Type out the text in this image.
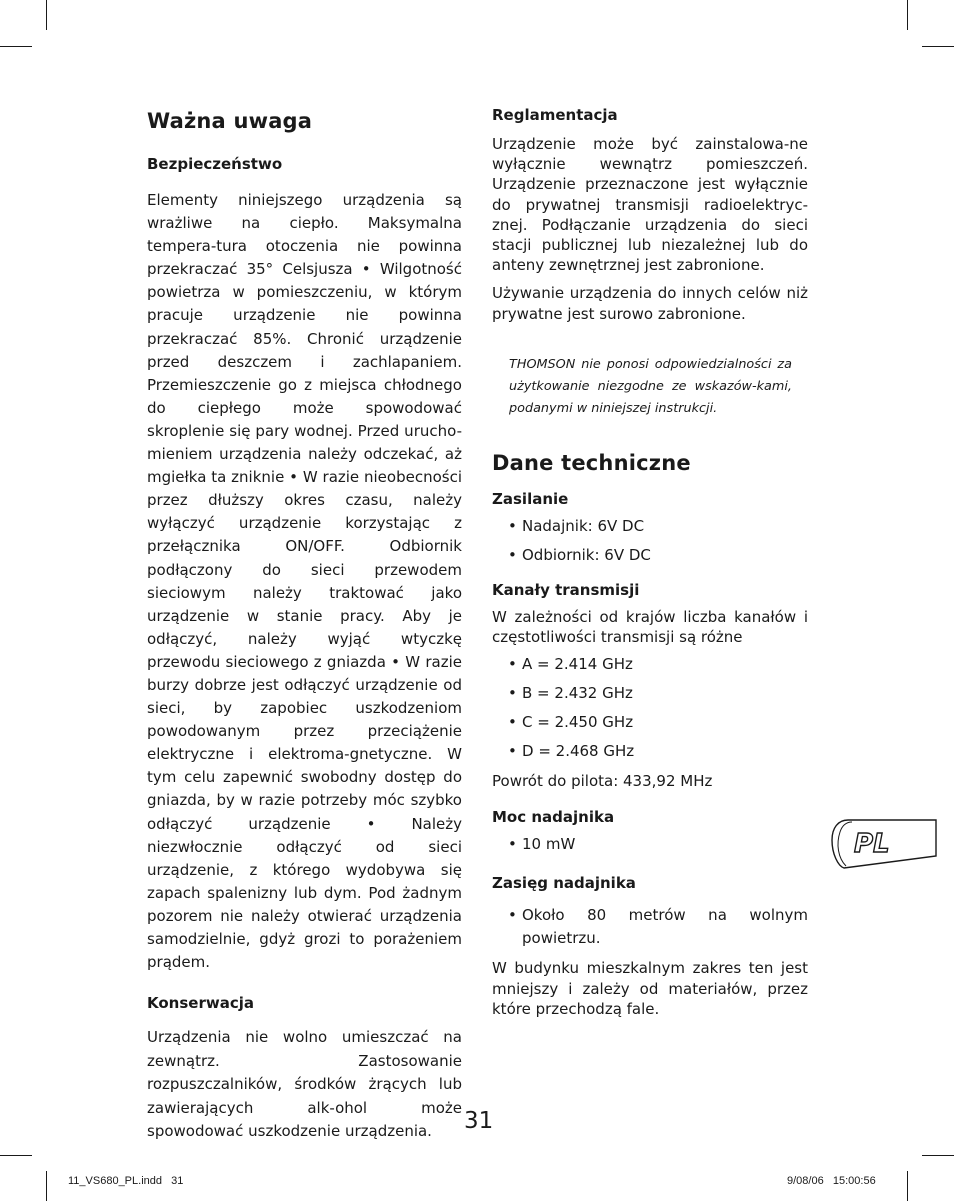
Ważna uwaga
Bezpieczeństwo

Elementy niniejszego urządzenia są wrażliwe na ciepło. Maksymalna tempera-tura otoczenia nie powinna przekraczać 35° Celsjusza • Wilgotność powietrza w pomieszczeniu, w którym pracuje urządzenie nie powinna przekraczać 85%. Chronić urządzenie przed deszczem i zachlapaniem. Przemieszczenie go z miejsca chłodnego do ciepłego może spowodować skroplenie się pary wodnej. Przed urucho-mieniem urządzenia należy odczekać, aż mgiełka ta zniknie • W razie nieobecności przez dłuższy okres czasu, należy wyłączyć urządzenie korzystając z przełącznika ON/OFF. Odbiornik podłączony do sieci przewodem sieciowym należy traktować jako urządzenie w stanie pracy. Aby je odłączyć, należy wyjąć wtyczkę przewodu sieciowego z gniazda • W razie burzy dobrze jest odłączyć urządzenie od sieci, by zapobiec uszkodzeniom powodowanym przez przeciążenie elektryczne i elektroma-gnetyczne. W tym celu zapewnić swobodny dostęp do gniazda, by w razie potrzeby móc szybko odłączyć urządzenie • Należy niezwłocznie odłączyć od sieci urządzenie, z którego wydobywa się zapach spalenizny lub dym. Pod żadnym pozorem nie należy otwierać urządzenia samodzielnie, gdyż grozi to porażeniem prądem.

Konserwacja

Urządzenia nie wolno umieszczać na zewnątrz. Zastosowanie rozpuszczalników, środków żrących lub zawierających alk-ohol może spowodować uszkodzenie urządzenia.

Reglamentacja

Urządzenie może być zainstalowa-ne wyłącznie wewnątrz pomieszczeń. Urządzenie przeznaczone jest wyłącznie do prywatnej transmisji radioelektryc-znej. Podłączanie urządzenia do sieci stacji publicznej lub niezależnej lub do anteny zewnętrznej jest zabronione.

Używanie urządzenia do innych celów niż prywatne jest surowo zabronione.

THOMSON nie ponosi odpowiedzialności za użytkowanie niezgodne ze wskazów-kami, podanymi w niniejszej instrukcji.
Dane techniczne
Zasilanie
• Nadajnik: 6V DC
• Odbiornik: 6V DC
Kanały transmisji

W zależności od krajów liczba kanałów i częstotliwości transmisji są różne

• A = 2.414 GHz
• B = 2.432 GHz
• C = 2.450 GHz
• D = 2.468 GHz

Powrót do pilota: 433,92 MHz

Moc nadajnika
• 10 mW
Zasięg nadajnika
• Około 80 metrów na wolnym powietrzu.

W budynku mieszkalnym zakres ten jest mniejszy i zależy od materiałów, przez które przechodzą fale.

PL
31
11_VS680_PL.indd   31	9/08/06   15:00:56
